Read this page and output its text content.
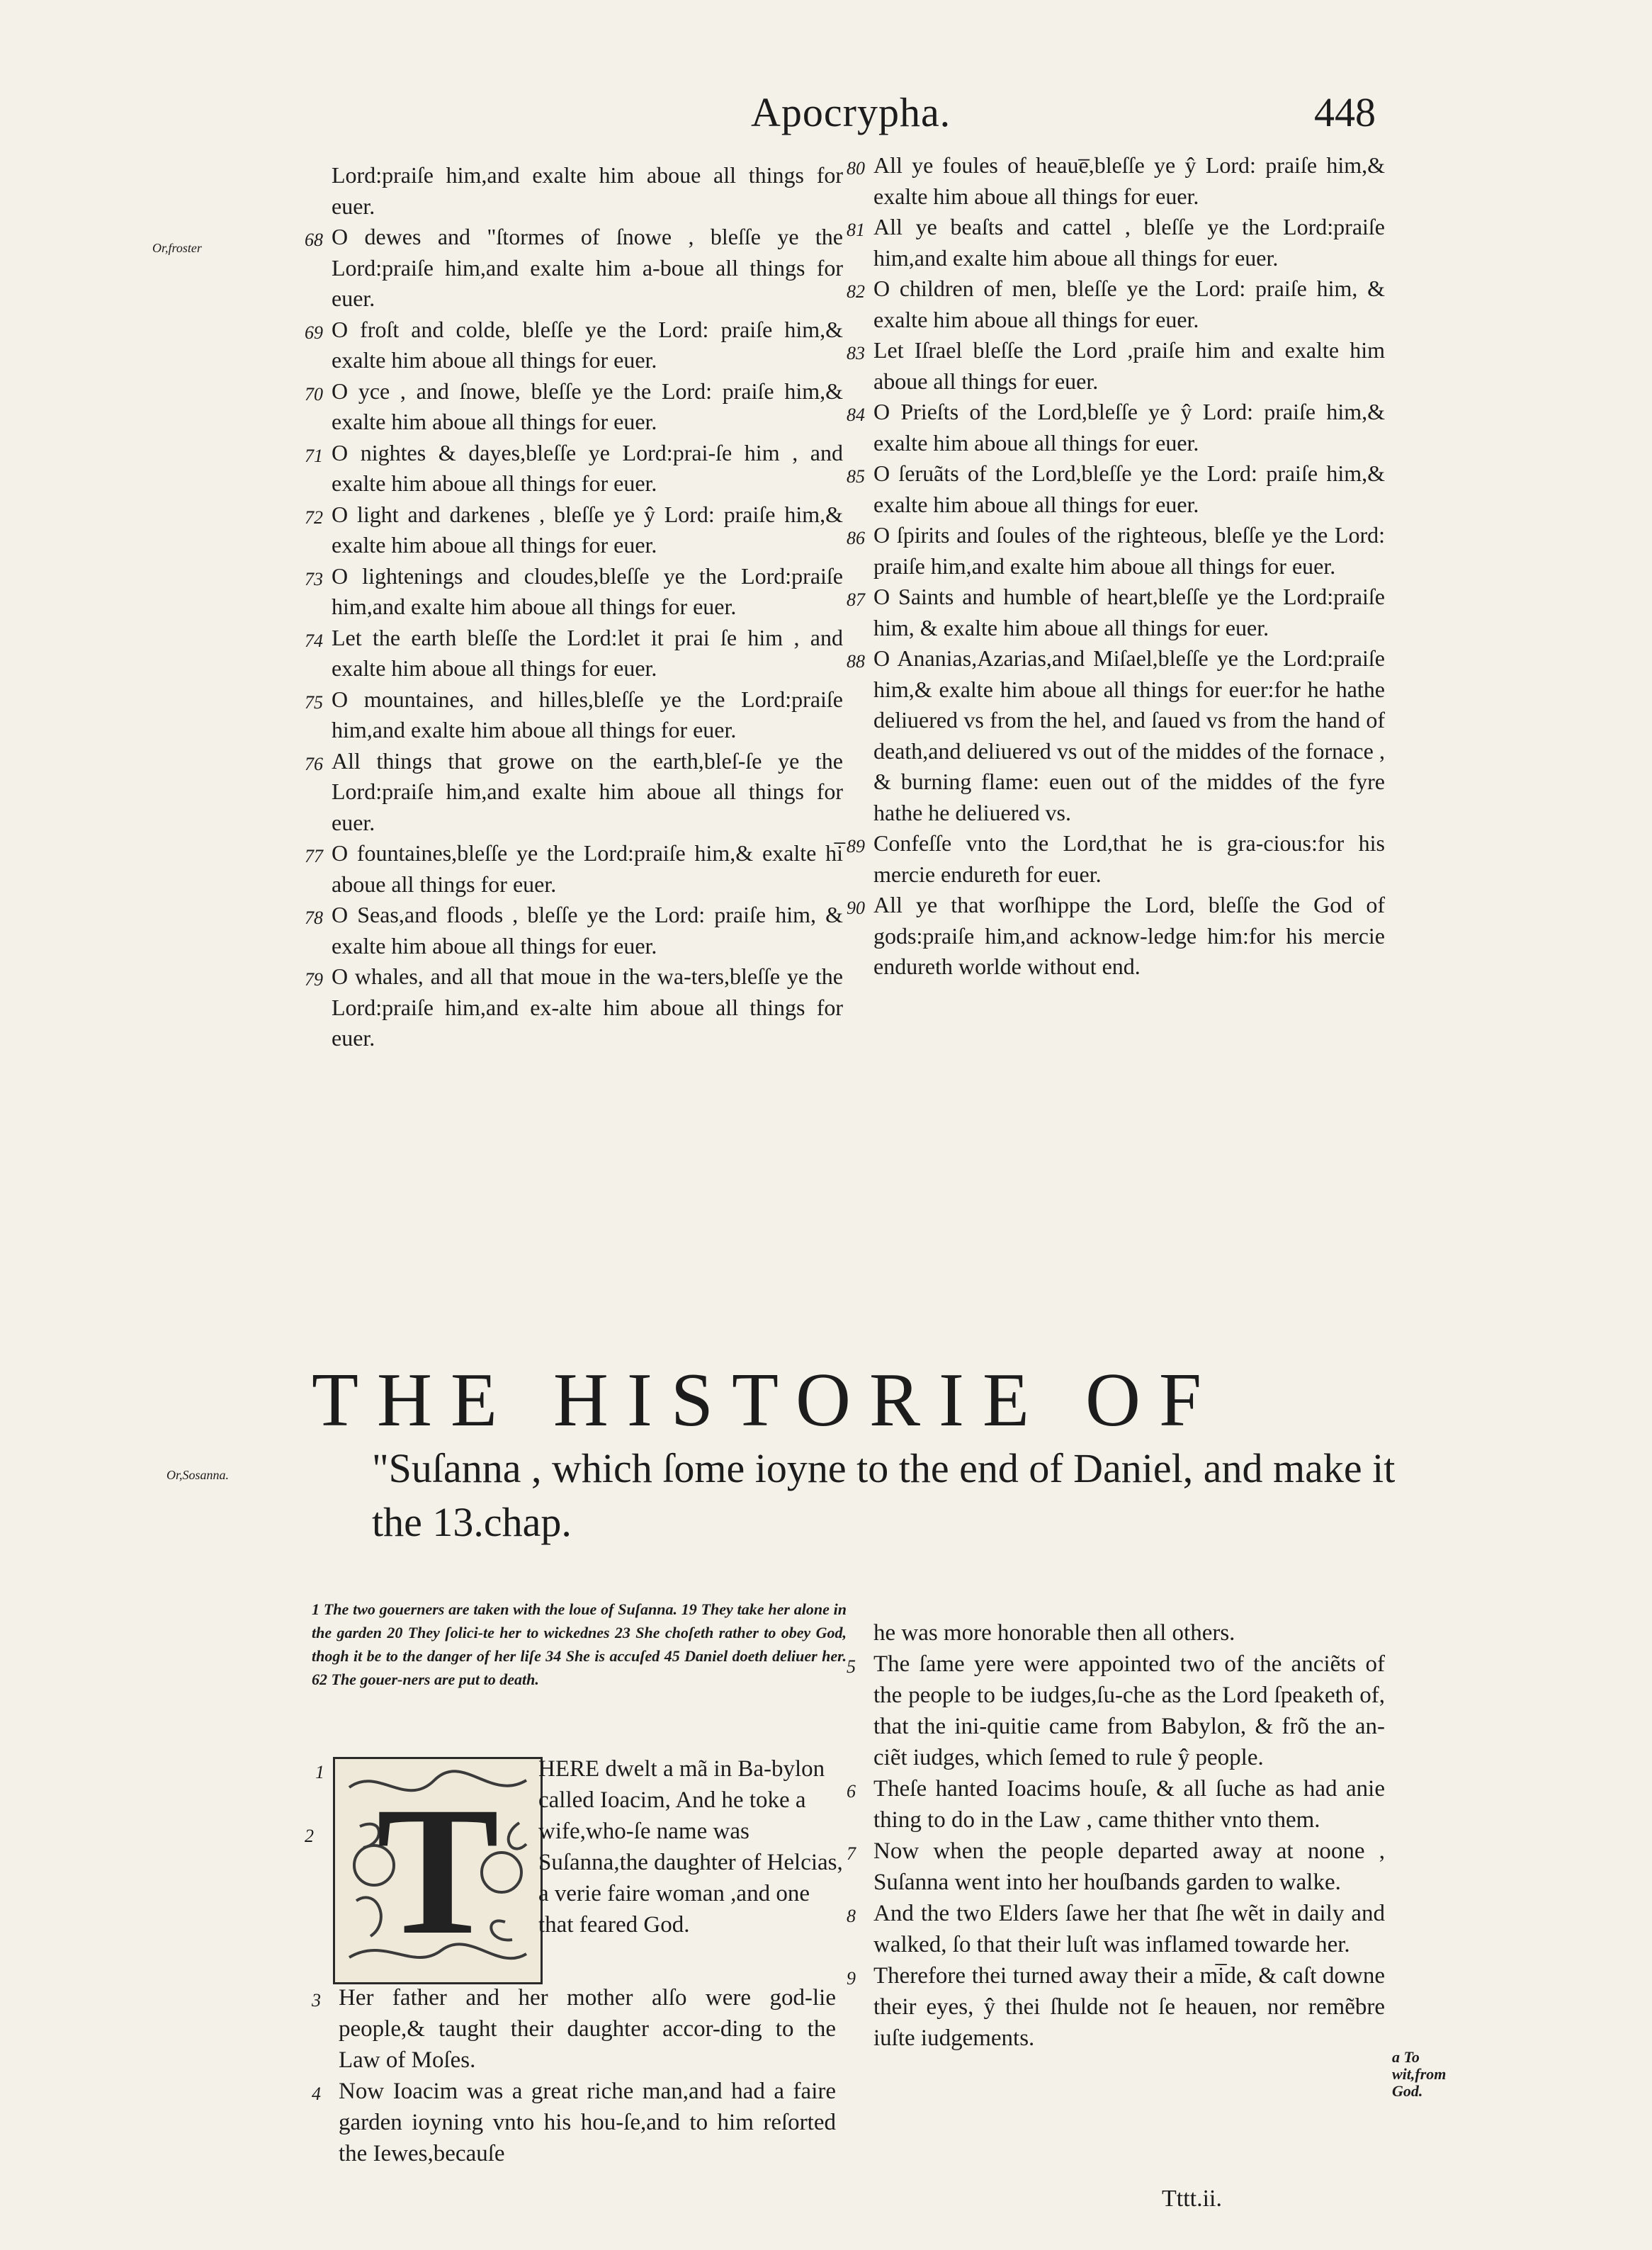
Apocrypha.	448
Or,froster

Lord:praiſe him,and exalte him aboue all things for euer.

68 O dewes and "ſtormes of ſnowe , bleſſe ye the Lord:praiſe him,and exalte him a-boue all things for euer.

69 O froſt and colde, bleſſe ye the Lord: praiſe him,& exalte him aboue all things for euer.

70 O yce , and ſnowe, bleſſe ye the Lord: praiſe him,& exalte him aboue all things for euer.

71 O nightes & dayes,bleſſe ye Lord:prai-ſe him , and exalte him aboue all things for euer.

72 O light and darkenes , bleſſe ye ŷ Lord: praiſe him,& exalte him aboue all things for euer.

73 O lightenings and cloudes,bleſſe ye the Lord:praiſe him,and exalte him aboue all things for euer.

74 Let the earth bleſſe the Lord:let it prai ſe him , and exalte him aboue all things for euer.

75 O mountaines, and hilles,bleſſe ye the Lord:praiſe him,and exalte him aboue all things for euer.

76 All things that growe on the earth,bleſ-ſe ye the Lord:praiſe him,and exalte him aboue all things for euer.

77 O fountaines,bleſſe ye the Lord:praiſe him,& exalte hi̅ aboue all things for euer.

78 O Seas,and floods , bleſſe ye the Lord: praiſe him, & exalte him aboue all things for euer.

79 O whales, and all that moue in the wa-ters,bleſſe ye the Lord:praiſe him,and ex-alte him aboue all things for euer.

80 All ye foules of heaue̅,bleſſe ye ŷ Lord: praiſe him,& exalte him aboue all things for euer.

81 All ye beaſts and cattel , bleſſe ye the Lord:praiſe him,and exalte him aboue all things for euer.

82 O children of men, bleſſe ye the Lord: praiſe him, & exalte him aboue all things for euer.

83 Let Iſrael bleſſe the Lord ,praiſe him and exalte him aboue all things for euer.

84 O Prieſts of the Lord,bleſſe ye ŷ Lord: praiſe him,& exalte him aboue all things for euer.

85 O ſeruãts of the Lord,bleſſe ye the Lord: praiſe him,& exalte him aboue all things for euer.

86 O ſpirits and ſoules of the righteous, bleſſe ye the Lord: praiſe him,and exalte him aboue all things for euer.

87 O Saints and humble of heart,bleſſe ye the Lord:praiſe him, & exalte him aboue all things for euer.

88 O Ananias,Azarias,and Miſael,bleſſe ye the Lord:praiſe him,& exalte him aboue all things for euer:for he hathe deliuered vs from the hel, and ſaued vs from the hand of death,and deliuered vs out of the middes of the fornace , & burning flame: euen out of the middes of the fyre hathe he deliuered vs.

89 Confeſſe vnto the Lord,that he is gra-cious:for his mercie endureth for euer.

90 All ye that worſhippe the Lord, bleſſe the God of gods:praiſe him,and acknow-ledge him:for his mercie endureth worlde without end.

THE HISTORIE OF
Or,Sosanna.	"Suſanna , which ſome ioyne to the end of Daniel, and make it the 13.chap.
1 The two gouerners are taken with the loue of Suſanna. 19 They take her alone in the garden 20 They ſolici-te her to wickednes 23 She choſeth rather to obey God, thogh it be to the danger of her liſe 34 She is accuſed 45 Daniel doeth deliuer her. 62 The gouer-ners are put to death.
T
1
2
HERE dwelt a mã in Ba-bylon called Ioacim, And he toke a wife,who-ſe name was Suſanna,the daughter of Helcias, a verie faire woman ,and one that feared God.

3 Her father and her mother alſo were god-lie people,& taught their daughter accor-ding to the Law of Moſes.

4 Now Ioacim was a great riche man,and had a faire garden ioyning vnto his hou-ſe,and to him reſorted the Iewes,becauſe

he was more honorable then all others.

5 The ſame yere were appointed two of the anciẽts of the people to be iudges,ſu-che as the Lord ſpeaketh of, that the ini-quitie came from Babylon, & frõ the an-ciẽt iudges, which ſemed to rule ŷ people.

6 Theſe hanted Ioacims houſe, & all ſuche as had anie thing to do in the Law , came thither vnto them.

7 Now when the people departed away at noone , Suſanna went into her houſbands garden to walke.

8 And the two Elders ſawe her that ſhe wẽt in daily and walked, ſo that their luſt was inflamed towarde her.

9 Therefore thei turned away their a mi̅de, & caſt downe their eyes, ŷ thei ſhulde not ſe heauen, nor remẽbre iuſte iudgements.

a To wit,from God.
Tttt.ii.
